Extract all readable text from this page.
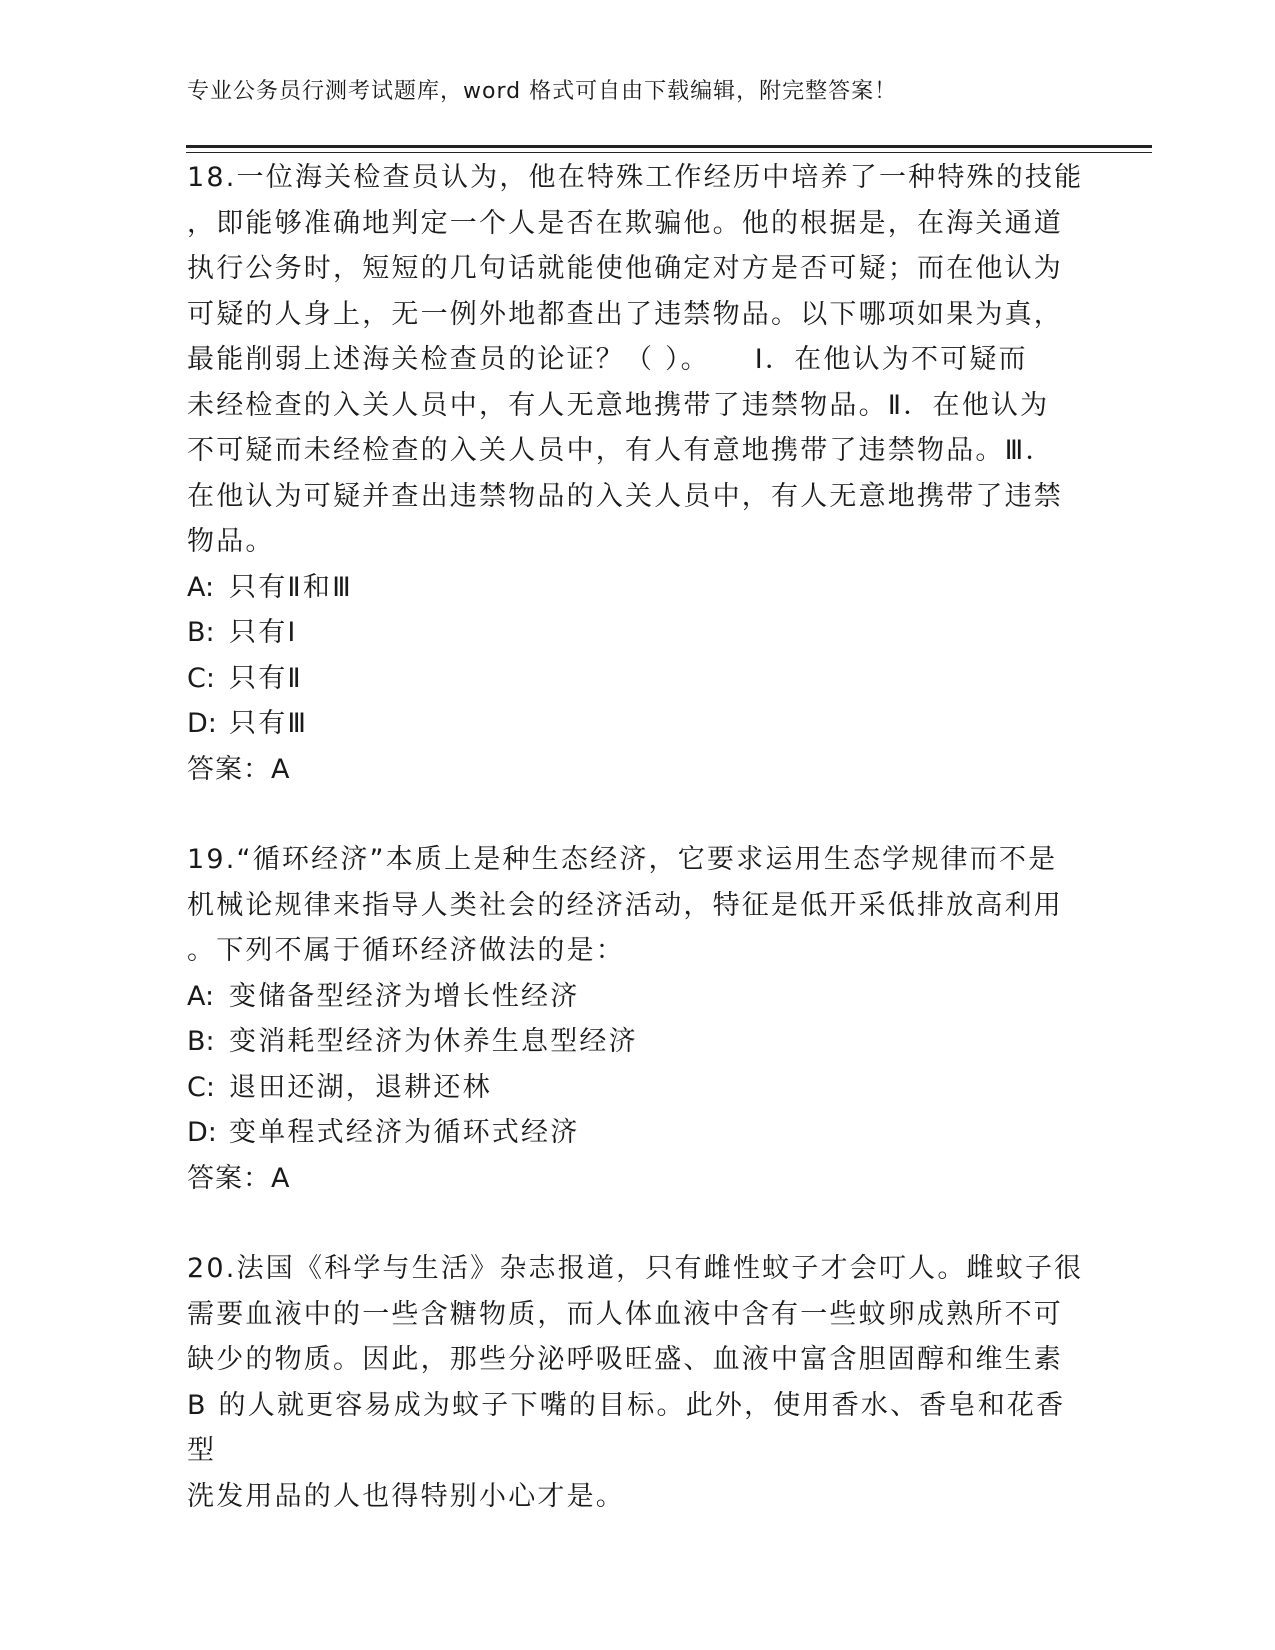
专业公务员行测考试题库，word 格式可自由下载编辑，附完整答案！
18.一位海关检查员认为，他在特殊工作经历中培养了一种特殊的技能
，即能够准确地判定一个人是否在欺骗他。他的根据是，在海关通道
执行公务时，短短的几句话就能使他确定对方是否可疑；而在他认为
可疑的人身上，无一例外地都查出了违禁物品。以下哪项如果为真，
最能削弱上述海关检查员的论证？（ ）。　　Ⅰ．在他认为不可疑而
未经检查的入关人员中，有人无意地携带了违禁物品。Ⅱ．在他认为
不可疑而未经检查的入关人员中，有人有意地携带了违禁物品。Ⅲ．
在他认为可疑并查出违禁物品的入关人员中，有人无意地携带了违禁
物品。
A: 只有Ⅱ和Ⅲ
B: 只有Ⅰ
C: 只有Ⅱ
D: 只有Ⅲ
答案：A
19.“循环经济”本质上是种生态经济，它要求运用生态学规律而不是
机械论规律来指导人类社会的经济活动，特征是低开采低排放高利用
。下列不属于循环经济做法的是：
A: 变储备型经济为增长性经济
B: 变消耗型经济为休养生息型经济
C: 退田还湖，退耕还林
D: 变单程式经济为循环式经济
答案：A
20.法国《科学与生活》杂志报道，只有雌性蚊子才会叮人。雌蚊子很
需要血液中的一些含糖物质，而人体血液中含有一些蚊卵成熟所不可
缺少的物质。因此，那些分泌呼吸旺盛、血液中富含胆固醇和维生素
B 的人就更容易成为蚊子下嘴的目标。此外，使用香水、香皂和花香型
洗发用品的人也得特别小心才是。
